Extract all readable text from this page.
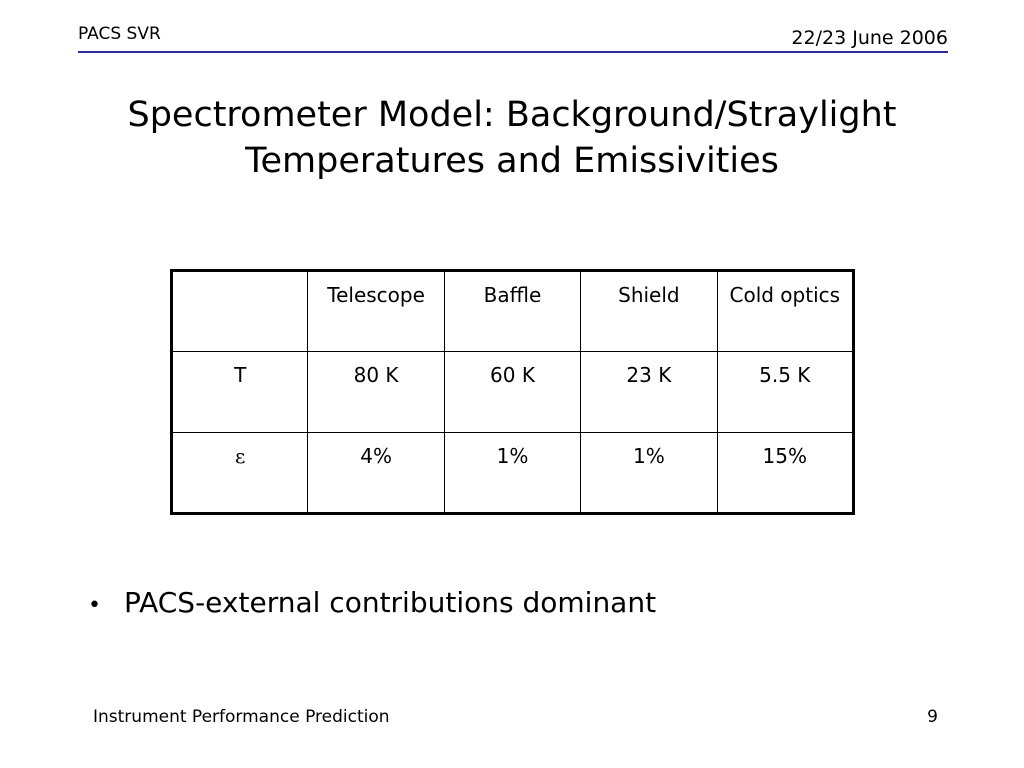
PACS SVR	22/23 June 2006
Spectrometer Model: Background/Straylight
Temperatures and Emissivities
	Telescope	Baffle	Shield	Cold optics
T	80 K	60 K	23 K	5.5 K
ε	4%	1%	1%	15%
• PACS-external contributions dominant
Instrument Performance Prediction	9
